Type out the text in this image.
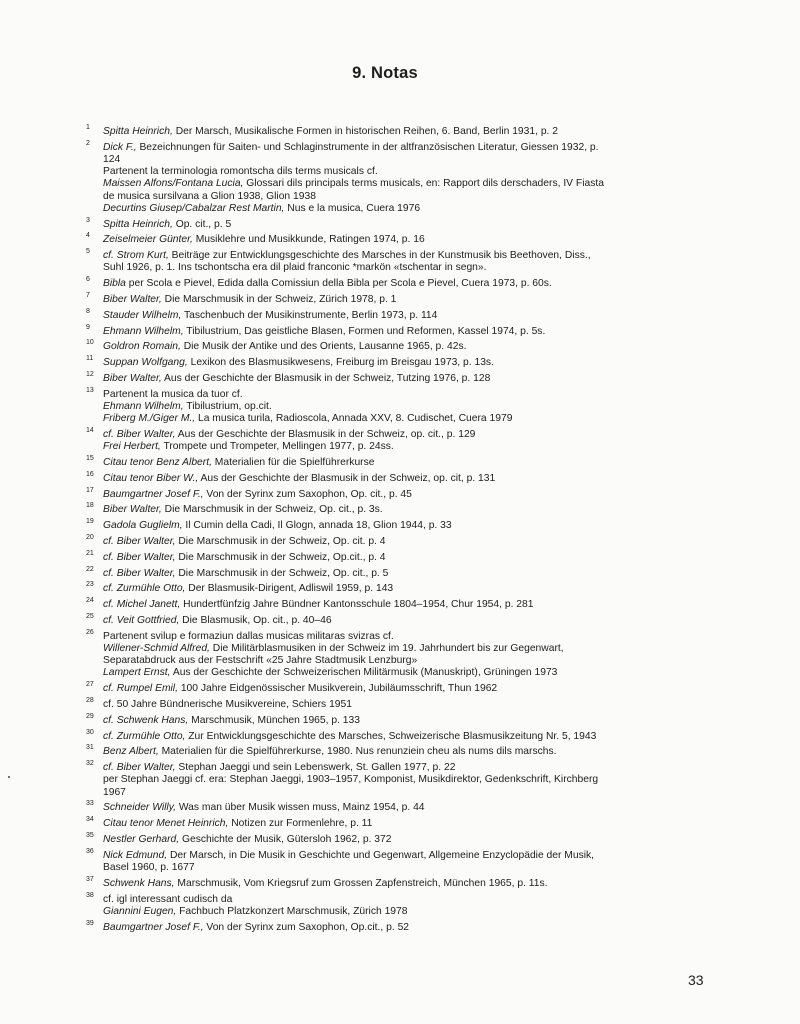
9. Notas
1 Spitta Heinrich, Der Marsch, Musikalische Formen in historischen Reihen, 6. Band, Berlin 1931, p. 2
2 Dick F., Bezeichnungen für Saiten- und Schlaginstrumente in der altfranzösischen Literatur, Giessen 1932, p.
124
Partenent la terminologia romontscha dils terms musicals cf.
Maissen Alfons/Fontana Lucia, Glossari dils principals terms musicals, en: Rapport dils derschaders, IV Fiasta
de musica sursilvana a Glion 1938, Glion 1938
Decurtins Giusep/Cabalzar Rest Martin, Nus e la musica, Cuera 1976
3 Spitta Heinrich, Op. cit., p. 5
4 Zeiselmeier Günter, Musiklehre und Musikkunde, Ratingen 1974, p. 16
5 cf. Strom Kurt, Beiträge zur Entwicklungsgeschichte des Marsches in der Kunstmusik bis Beethoven, Diss.,
Suhl 1926, p. 1. Ins tschontscha era dil plaid franconic *markön «tschentar in segn».
6 Bibla per Scola e Pievel, Edida dalla Comissiun della Bibla per Scola e Pievel, Cuera 1973, p. 60s.
7 Biber Walter, Die Marschmusik in der Schweiz, Zürich 1978, p. 1
8 Stauder Wilhelm, Taschenbuch der Musikinstrumente, Berlin 1973, p. 114
9 Ehmann Wilhelm, Tibilustrium, Das geistliche Blasen, Formen und Reformen, Kassel 1974, p. 5s.
10 Goldron Romain, Die Musik der Antike und des Orients, Lausanne 1965, p. 42s.
11 Suppan Wolfgang, Lexikon des Blasmusikwesens, Freiburg im Breisgau 1973, p. 13s.
12 Biber Walter, Aus der Geschichte der Blasmusik in der Schweiz, Tutzing 1976, p. 128
13 Partenent la musica da tuor cf.
Ehmann Wilhelm, Tibilustrium, op.cit.
Friberg M./Giger M., La musica turila, Radioscola, Annada XXV, 8. Cudischet, Cuera 1979
14 cf. Biber Walter, Aus der Geschichte der Blasmusik in der Schweiz, op. cit., p. 129
Frei Herbert, Trompete und Trompeter, Mellingen 1977, p. 24ss.
15 Citau tenor Benz Albert, Materialien für die Spielführerkurse
16 Citau tenor Biber W., Aus der Geschichte der Blasmusik in der Schweiz, op. cit, p. 131
17 Baumgartner Josef F., Von der Syrinx zum Saxophon, Op. cit., p. 45
18 Biber Walter, Die Marschmusik in der Schweiz, Op. cit., p. 3s.
19 Gadola Guglielm, Il Cumin della Cadi, Il Glogn, annada 18, Glion 1944, p. 33
20 cf. Biber Walter, Die Marschmusik in der Schweiz, Op. cit. p. 4
21 cf. Biber Walter, Die Marschmusik in der Schweiz, Op.cit., p. 4
22 cf. Biber Walter, Die Marschmusik in der Schweiz, Op. cit., p. 5
23 cf. Zurmühle Otto, Der Blasmusik-Dirigent, Adliswil 1959, p. 143
24 cf. Michel Janett, Hundertfünfzig Jahre Bündner Kantonsschule 1804–1954, Chur 1954, p. 281
25 cf. Veit Gottfried, Die Blasmusik, Op. cit., p. 40–46
26 Partenent svilup e formaziun dallas musicas militaras svizras cf.
Willener-Schmid Alfred, Die Militärblasmusiken in der Schweiz im 19. Jahrhundert bis zur Gegenwart,
Separatabdruck aus der Festschrift «25 Jahre Stadtmusik Lenzburg»
Lampert Ernst, Aus der Geschichte der Schweizerischen Militärmusik (Manuskript), Grüningen 1973
27 cf. Rumpel Emil, 100 Jahre Eidgenössischer Musikverein, Jubiläumsschrift, Thun 1962
28 cf. 50 Jahre Bündnerische Musikvereine, Schiers 1951
29 cf. Schwenk Hans, Marschmusik, München 1965, p. 133
30 cf. Zurmühle Otto, Zur Entwicklungsgeschichte des Marsches, Schweizerische Blasmusikzeitung Nr. 5, 1943
31 Benz Albert, Materialien für die Spielführerkurse, 1980. Nus renunziein cheu als nums dils marschs.
32 cf. Biber Walter, Stephan Jaeggi und sein Lebenswerk, St. Gallen 1977, p. 22
per Stephan Jaeggi cf. era: Stephan Jaeggi, 1903–1957, Komponist, Musikdirektor, Gedenkschrift, Kirchberg
1967
33 Schneider Willy, Was man über Musik wissen muss, Mainz 1954, p. 44
34 Citau tenor Menet Heinrich, Notizen zur Formenlehre, p. 11
35 Nestler Gerhard, Geschichte der Musik, Gütersloh 1962, p. 372
36 Nick Edmund, Der Marsch, in Die Musik in Geschichte und Gegenwart, Allgemeine Enzyclopädie der Musik,
Basel 1960, p. 1677
37 Schwenk Hans, Marschmusik, Vom Kriegsruf zum Grossen Zapfenstreich, München 1965, p. 11s.
38 cf. igl interessant cudisch da
Giannini Eugen, Fachbuch Platzkonzert Marschmusik, Zürich 1978
39 Baumgartner Josef F., Von der Syrinx zum Saxophon, Op.cit., p. 52
33
